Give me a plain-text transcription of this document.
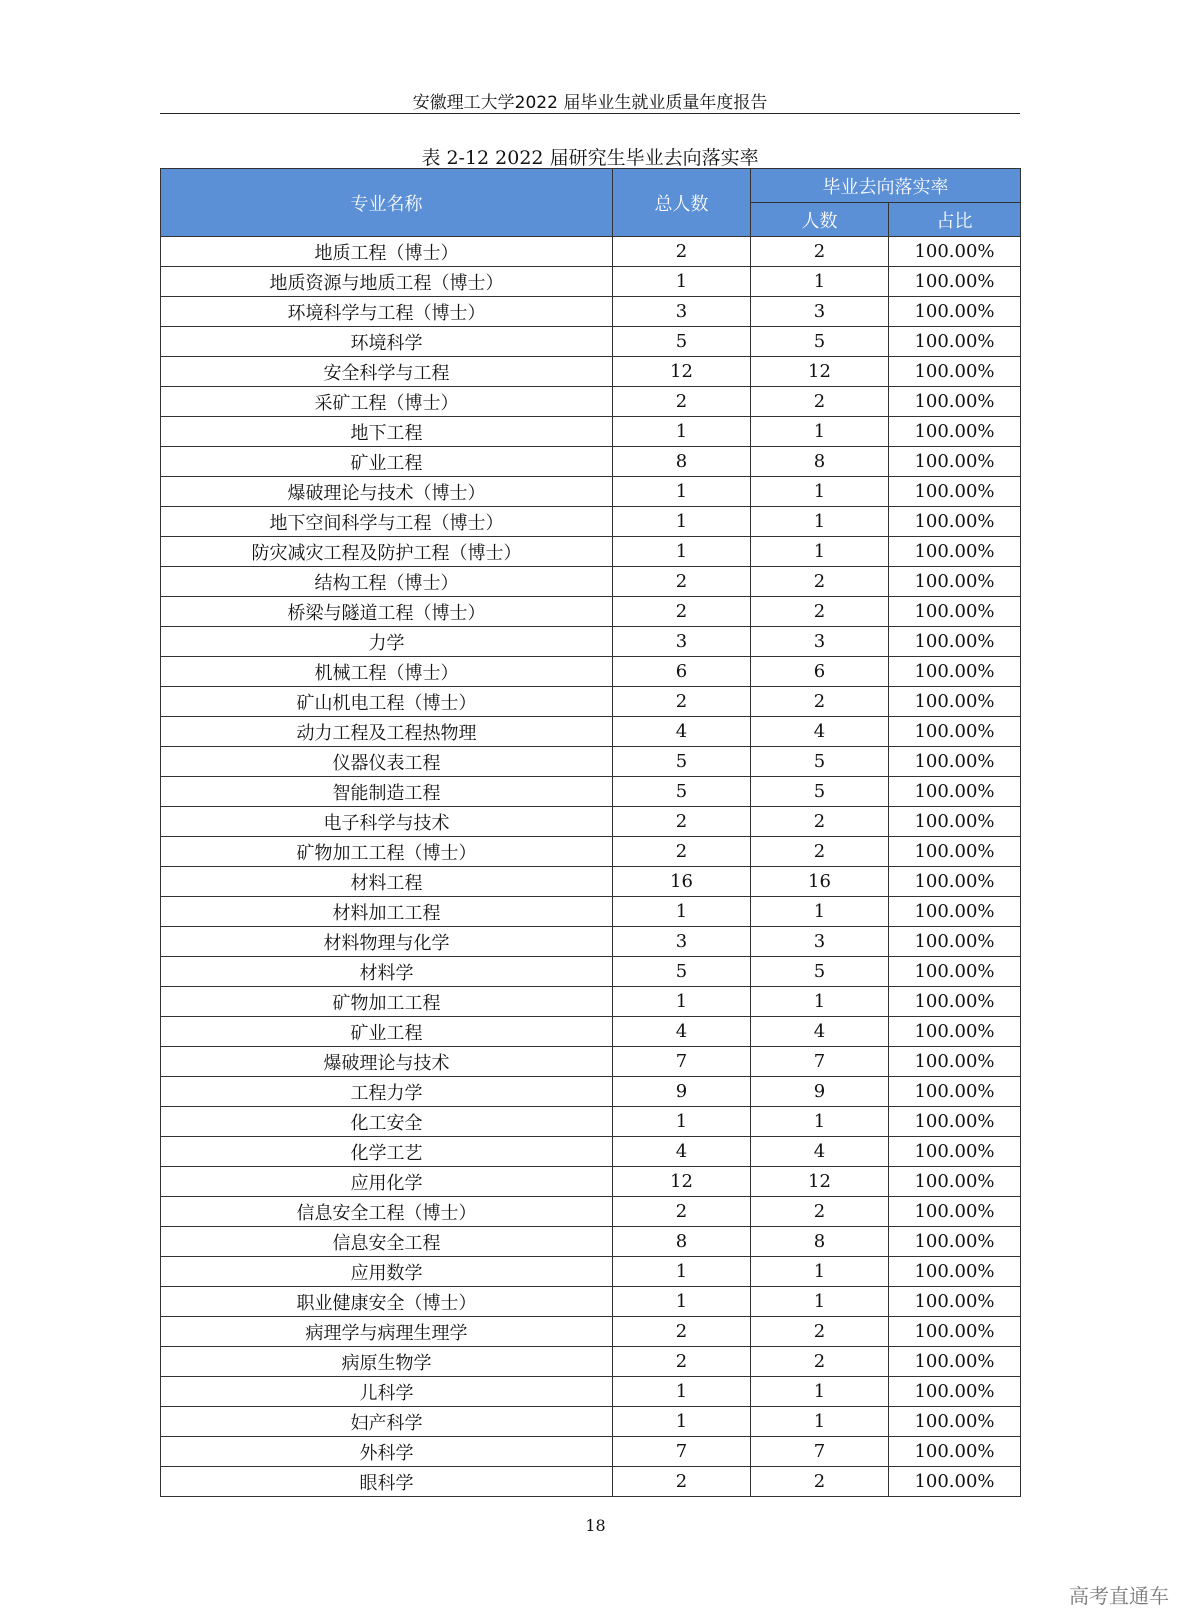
安徽理工大学2022 届毕业生就业质量年度报告
表 2-12 2022 届研究生毕业去向落实率
专业名称	总人数	毕业去向落实率	
		人数	占比
地质工程（博士）	2	2	100.00%
地质资源与地质工程（博士）	1	1	100.00%
环境科学与工程（博士）	3	3	100.00%
环境科学	5	5	100.00%
安全科学与工程	12	12	100.00%
采矿工程（博士）	2	2	100.00%
地下工程	1	1	100.00%
矿业工程	8	8	100.00%
爆破理论与技术（博士）	1	1	100.00%
地下空间科学与工程（博士）	1	1	100.00%
防灾减灾工程及防护工程（博士）	1	1	100.00%
结构工程（博士）	2	2	100.00%
桥梁与隧道工程（博士）	2	2	100.00%
力学	3	3	100.00%
机械工程（博士）	6	6	100.00%
矿山机电工程（博士）	2	2	100.00%
动力工程及工程热物理	4	4	100.00%
仪器仪表工程	5	5	100.00%
智能制造工程	5	5	100.00%
电子科学与技术	2	2	100.00%
矿物加工工程（博士）	2	2	100.00%
材料工程	16	16	100.00%
材料加工工程	1	1	100.00%
材料物理与化学	3	3	100.00%
材料学	5	5	100.00%
矿物加工工程	1	1	100.00%
矿业工程	4	4	100.00%
爆破理论与技术	7	7	100.00%
工程力学	9	9	100.00%
化工安全	1	1	100.00%
化学工艺	4	4	100.00%
应用化学	12	12	100.00%
信息安全工程（博士）	2	2	100.00%
信息安全工程	8	8	100.00%
应用数学	1	1	100.00%
职业健康安全（博士）	1	1	100.00%
病理学与病理生理学	2	2	100.00%
病原生物学	2	2	100.00%
儿科学	1	1	100.00%
妇产科学	1	1	100.00%
外科学	7	7	100.00%
眼科学	2	2	100.00%
18
高考直通车
